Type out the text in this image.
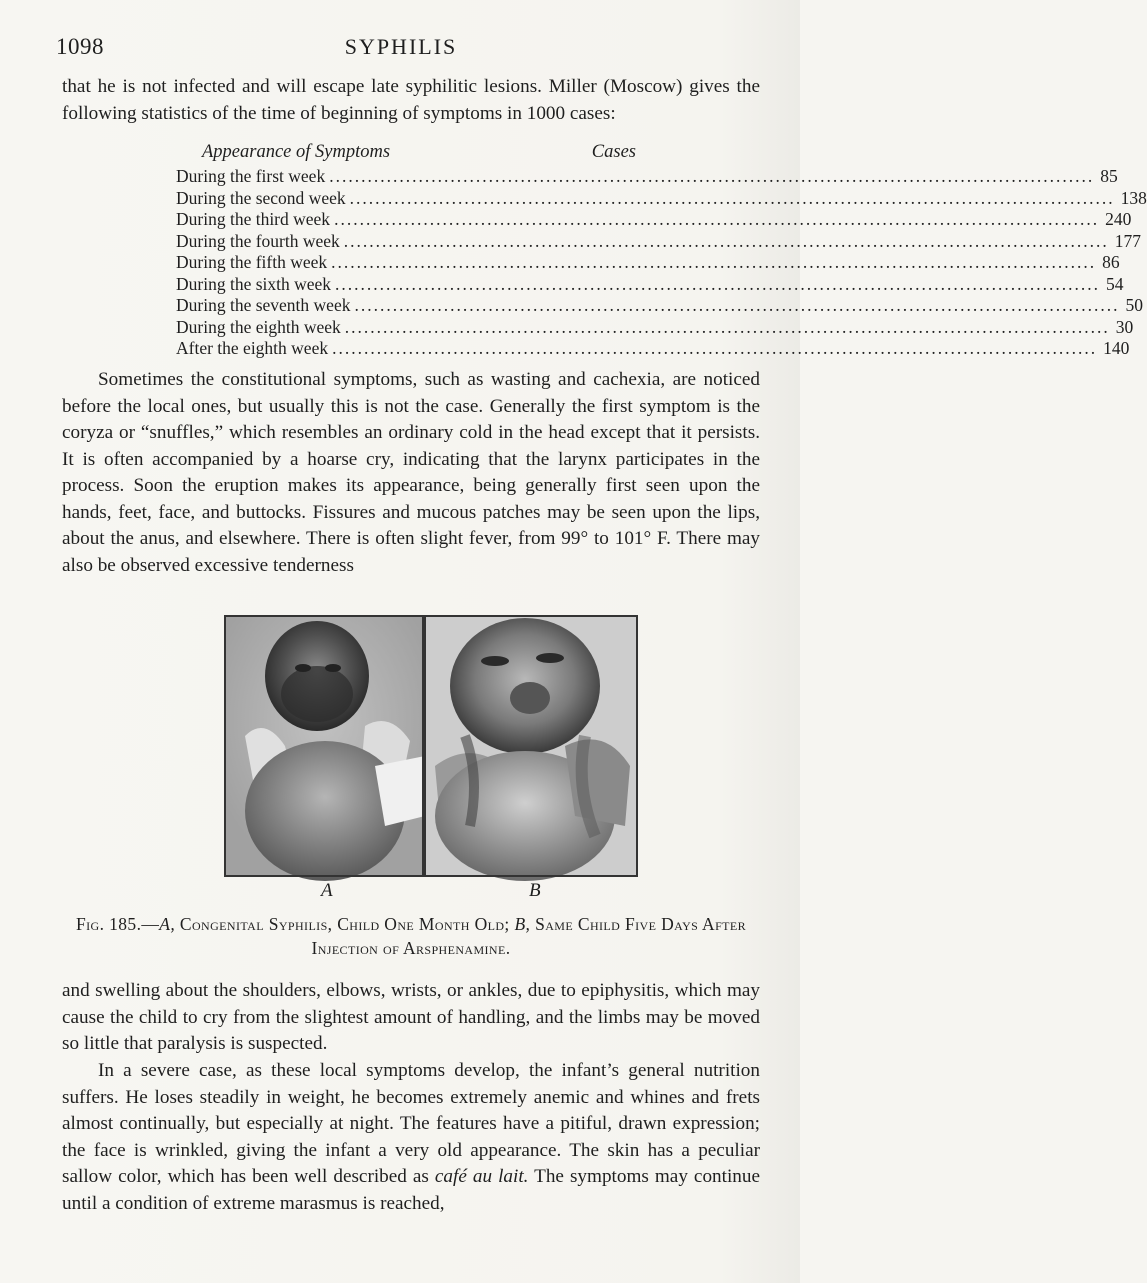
1098	SYPHILIS

that he is not infected and will escape late syphilitic lesions. Miller (Moscow) gives the following statistics of the time of beginning of symptoms in 1000 cases:

Appearance of Symptoms	Cases
During the first week ........................................................................................................................ 85
During the second week ........................................................................................................................ 138
During the third week ........................................................................................................................ 240
During the fourth week ........................................................................................................................ 177
During the fifth week ........................................................................................................................ 86
During the sixth week ........................................................................................................................ 54
During the seventh week ........................................................................................................................ 50
During the eighth week ........................................................................................................................ 30
After the eighth week ........................................................................................................................ 140

Sometimes the constitutional symptoms, such as wasting and cachexia, are noticed before the local ones, but usually this is not the case. Generally the first symptom is the coryza or “snuffles,” which resembles an ordinary cold in the head except that it persists. It is often accompanied by a hoarse cry, indicating that the larynx participates in the process. Soon the eruption makes its appearance, being generally first seen upon the hands, feet, face, and buttocks. Fissures and mucous patches may be seen upon the lips, about the anus, and elsewhere. There is often slight fever, from 99° to 101° F. There may also be observed excessive tenderness

A	B
Fig. 185.—A, Congenital Syphilis, Child One Month Old; B, Same Child Five Days After Injection of Arsphenamine.

and swelling about the shoulders, elbows, wrists, or ankles, due to epiphysitis, which may cause the child to cry from the slightest amount of handling, and the limbs may be moved so little that paralysis is suspected.

In a severe case, as these local symptoms develop, the infant’s general nutrition suffers. He loses steadily in weight, he becomes extremely anemic and whines and frets almost continually, but especially at night. The features have a pitiful, drawn expression; the face is wrinkled, giving the infant a very old appearance. The skin has a peculiar sallow color, which has been well described as café au lait. The symptoms may continue until a condition of extreme marasmus is reached,
